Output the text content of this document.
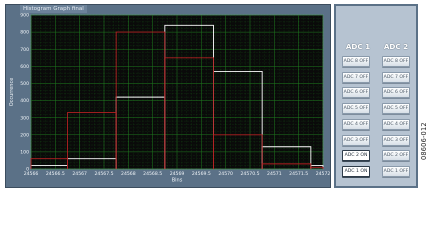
24566 24566.5 24567 24567.5 24568 24568.5 24569 24569.5 24570 24570.5 24571 24571.5 24572
0
100
200
300
400
500
600
700
800
900
Bins
Occurrence
Histogram Graph final
ADC 1	ADC 2
ADC 8 OFF
ADC 7 OFF
ADC 6 OFF
ADC 5 OFF
ADC 4 OFF
ADC 3 OFF
ADC 2 ON
ADC 1 ON
ADC 8 OFF
ADC 7 OFF
ADC 6 OFF
ADC 5 OFF
ADC 4 OFF
ADC 3 OFF
ADC 2 OFF
ADC 1 OFF
08606-012
